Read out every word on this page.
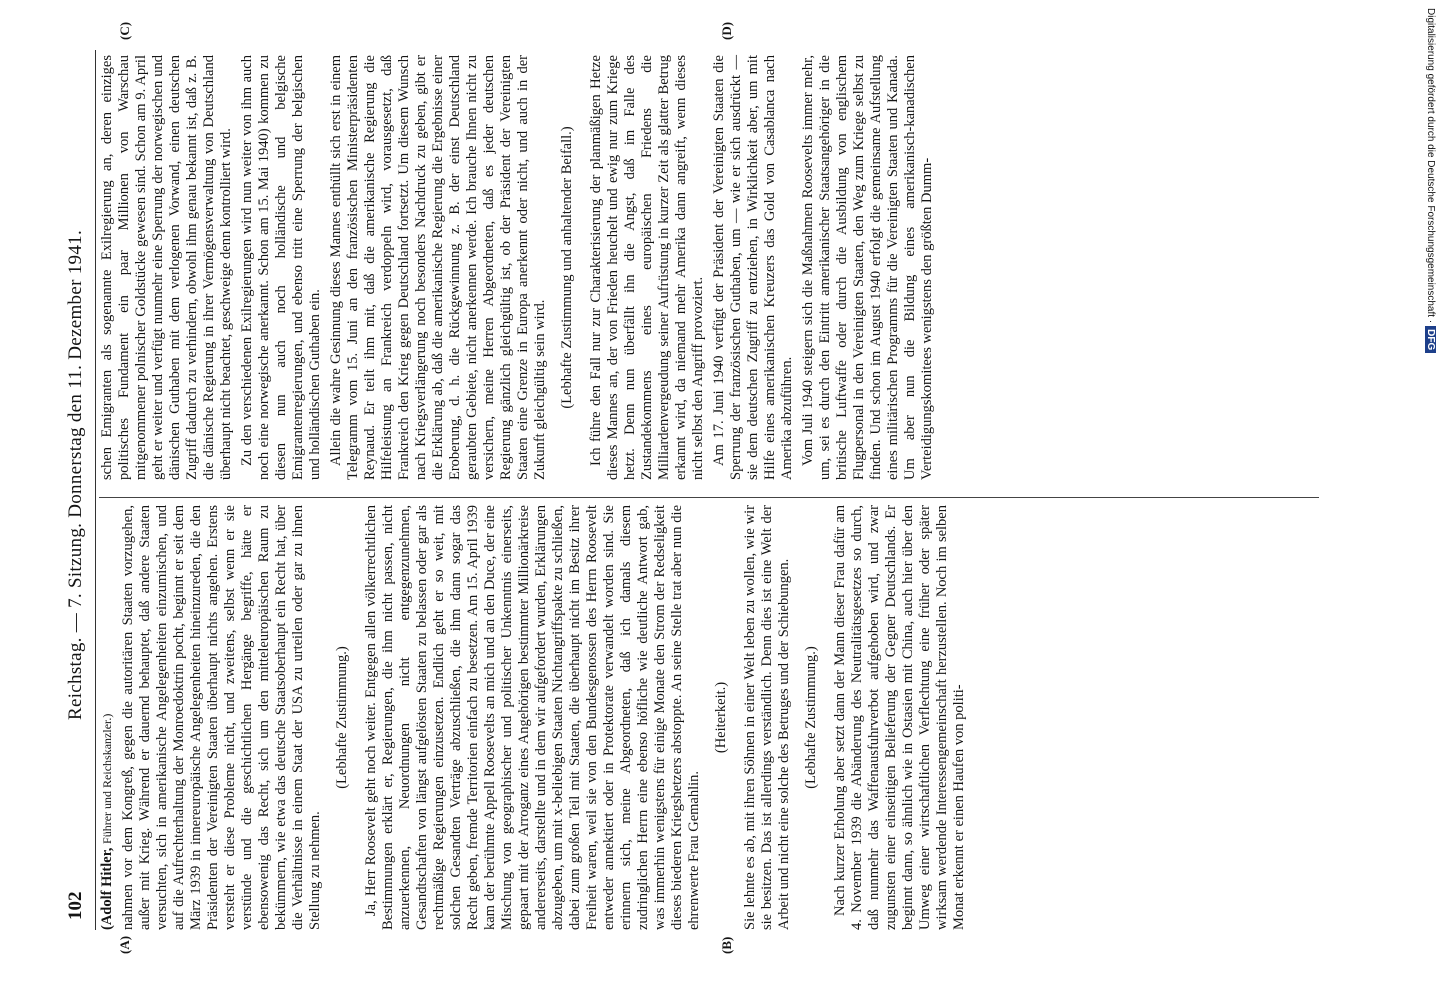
102
Reichstag. — 7. Sitzung. Donnerstag den 11. Dezember 1941.
(A)	(B)
(C)	(D)

(Adolf Hitler, Führer und Reichskanzler.) nahmen vor dem Kongreß, gegen die autoritären Staaten vorzugehen, außer mit Krieg. Während er dauernd behauptet, daß andere Staaten versuchten, sich in amerikanische Angelegenheiten einzumischen, und auf die Aufrechterhaltung der Monroedoktrin pocht, beginnt er seit dem März 1939 in innereuropäische Angelegenheiten hineinzureden, die den Präsidenten der Vereinigten Staaten überhaupt nichts angehen. Erstens versteht er diese Probleme nicht, und zweitens, selbst wenn er sie verstünde und die geschichtlichen Hergänge begriffe, hätte er ebensowenig das Recht, sich um den mitteleuropäischen Raum zu bekümmern, wie etwa das deutsche Staatsoberhaupt ein Recht hat, über die Verhältnisse in einem Staat der USA zu urteilen oder gar zu ihnen Stellung zu nehmen.

(Lebhafte Zustimmung.) Ja, Herr Roosevelt geht noch weiter. Entgegen allen völkerrechtlichen Bestimmungen erklärt er, Regierungen, die ihm nicht passen, nicht anzuerkennen, Neuordnungen nicht entgegenzunehmen, Gesandtschaften von längst aufgelösten Staaten zu belassen oder gar als rechtmäßige Regierungen einzusetzen. Endlich geht er so weit, mit solchen Gesandten Verträge abzuschließen, die ihm dann sogar das Recht geben, fremde Territorien einfach zu besetzen. Am 15. April 1939 kam der berühmte Appell Roosevelts an mich und an den Duce, der eine Mischung von geographischer und politischer Unkenntnis einerseits, gepaart mit der Arroganz eines Angehörigen bestimmter Millionärkreise andererseits, darstellte und in dem wir aufgefordert wurden, Erklärungen abzugeben, um mit x-beliebigen Staaten Nichtangriffspakte zu schließen, dabei zum großen Teil mit Staaten, die überhaupt nicht im Besitz ihrer Freiheit waren, weil sie von den Bundesgenossen des Herrn Roosevelt entweder annektiert oder in Protektorate verwandelt worden sind. Sie erinnern sich, meine Abgeordneten, daß ich damals diesem zudringlichen Herrn eine ebenso höfliche wie deutliche Antwort gab, was immerhin wenigstens für einige Monate den Strom der Redseligkeit dieses biederen Kriegshetzers abstoppte. An seine Stelle trat aber nun die ehrenwerte Frau Gemahlin.

(Heiterkeit.) Sie lehnte es ab, mit ihren Söhnen in einer Welt leben zu wollen, wie wir sie besitzen. Das ist allerdings verständlich. Denn dies ist eine Welt der Arbeit und nicht eine solche des Betruges und der Schiebungen. (Lebhafte Zustimmung.) Nach kurzer Erholung aber setzt dann der Mann dieser Frau dafür am 4. November 1939 die Abänderung des Neutralitätsgesetzes so durch, daß nunmehr das Waffenausfuhrverbot aufgehoben wird, und zwar zugunsten einer einseitigen Belieferung der Gegner Deutschlands. Er beginnt dann, so ähnlich wie in Ostasien mit China, auch hier über den Umweg einer wirtschaftlichen Verflechtung eine früher oder später wirksam werdende Interessengemeinschaft herzustellen. Noch im selben Monat erkennt er einen Haufen von politi-

schen Emigranten als sogenannte Exilregierung an, deren einziges politisches Fundament ein paar Millionen von Warschau mitgenommener polnischer Goldstücke gewesen sind. Schon am 9. April geht er weiter und verfügt nunmehr eine Sperrung der norwegischen und dänischen Guthaben mit dem verlogenen Vorwand, einen deutschen Zugriff dadurch zu verhindern, obwohl ihm genau bekannt ist, daß z. B. die dänische Regierung in ihrer Vermögensverwaltung von Deutschland überhaupt nicht beachtet, geschweige denn kontrolliert wird. Zu den verschiedenen Exilregierungen wird nun weiter von ihm auch noch eine norwegische anerkannt. Schon am 15. Mai 1940) kommen zu diesen nun auch noch holländische und belgische Emigrantenregierungen, und ebenso tritt eine Sperrung der belgischen und holländischen Guthaben ein. Allein die wahre Gesinnung dieses Mannes enthüllt sich erst in einem Telegramm vom 15. Juni an den französischen Ministerpräsidenten Reynaud. Er teilt ihm mit, daß die amerikanische Regierung die Hilfeleistung an Frankreich verdoppeln wird, vorausgesetzt, daß Frankreich den Krieg gegen Deutschland fortsetzt. Um diesem Wunsch nach Kriegsverlängerung noch besonders Nachdruck zu geben, gibt er die Erklärung ab, daß die amerikanische Regierung die Ergebnisse einer Eroberung, d. h. die Rückgewinnung z. B. der einst Deutschland geraubten Gebiete, nicht anerkennen werde. Ich brauche Ihnen nicht zu versichern, meine Herren Abgeordneten, daß es jeder deutschen Regierung gänzlich gleichgültig ist, ob der Präsident der Vereinigten Staaten eine Grenze in Europa anerkennt oder nicht, und auch in der Zukunft gleichgültig sein wird. (Lebhafte Zustimmung und anhaltender Beifall.) Ich führe den Fall nur zur Charakterisierung der planmäßigen Hetze dieses Mannes an, der von Frieden heuchelt und ewig nur zum Kriege hetzt. Denn nun überfällt ihn die Angst, daß im Falle des Zustandekommens eines europäischen Friedens die Milliardenvergeudung seiner Aufrüstung in kurzer Zeit als glatter Betrug erkannt wird, da niemand mehr Amerika dann angreift, wenn dieses nicht selbst den Angriff provoziert. Am 17. Juni 1940 verfügt der Präsident der Vereinigten Staaten die Sperrung der französischen Guthaben, um — wie er sich ausdrückt — sie dem deutschen Zugriff zu entziehen, in Wirklichkeit aber, um mit Hilfe eines amerikanischen Kreuzers das Gold von Casablanca nach Amerika abzuführen. Vom Juli 1940 steigern sich die Maßnahmen Roosevelts immer mehr, um, sei es durch den Eintritt amerikanischer Staatsangehöriger in die britische Luftwaffe oder durch die Ausbildung von englischem Flugpersonal in den Vereinigten Staaten, den Weg zum Kriege selbst zu finden. Und schon im August 1940 erfolgt die gemeinsame Aufstellung eines militärischen Programms für die Vereinigten Staaten und Kanada. Um aber nun die Bildung eines amerikanisch-kanadischen Verteidigungskomitees wenigstens den größten Dumm-	Digitalisierung gefördert durch die Deutsche Forschungsgemeinschaft ·DFG
